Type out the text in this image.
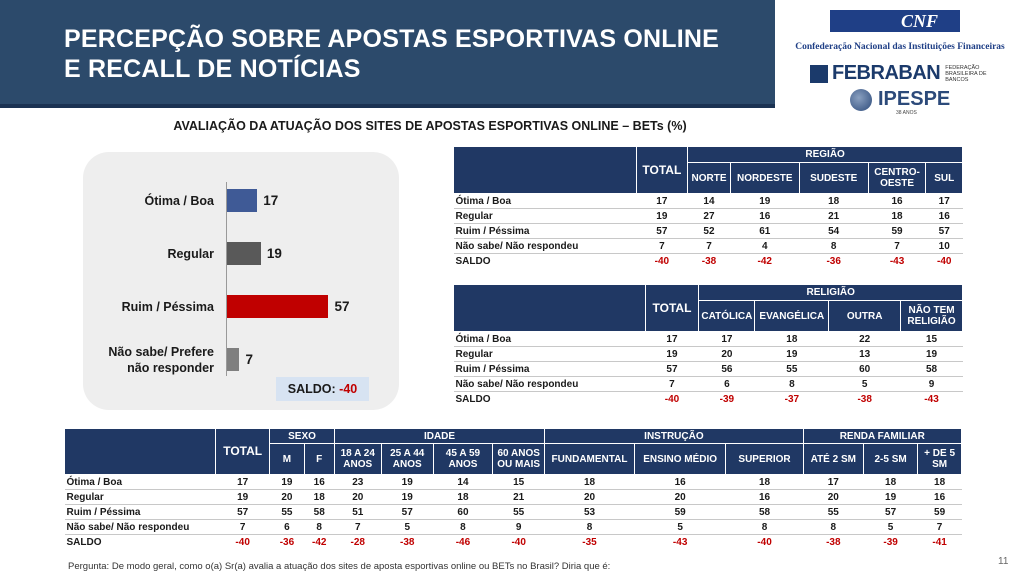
PERCEPÇÃO SOBRE APOSTAS ESPORTIVAS ONLINE
E RECALL DE NOTÍCIAS
CNF
Confederação Nacional das Instituições Financeiras
FEBRABAN FEDERAÇÃO BRASILEIRA DE BANCOS
IPESPE
38 ANOS
AVALIAÇÃO DA ATUAÇÃO DOS SITES DE APOSTAS ESPORTIVAS ONLINE – BETs (%)
Ótima / Boa
Regular
Ruim / Péssima
Não sabe/ Prefere
não responder
17
19
57
7
SALDO: -40
	TOTAL	REGIÃO				
		NORTE	NORDESTE	SUDESTE	CENTRO-
OESTE	SUL
Ótima / Boa	17	14	19	18	16	17
Regular	19	27	16	21	18	16
Ruim / Péssima	57	52	61	54	59	57
Não sabe/ Não respondeu	7	7	4	8	7	10
SALDO	-40	-38	-42	-36	-43	-40
	TOTAL	RELIGIÃO			
		CATÓLICA	EVANGÉLICA	OUTRA	NÃO TEM
RELIGIÃO
Ótima / Boa	17	17	18	22	15
Regular	19	20	19	13	19
Ruim / Péssima	57	56	55	60	58
Não sabe/ Não respondeu	7	6	8	5	9
SALDO	-40	-39	-37	-38	-43
	TOTAL	SEXO		IDADE				INSTRUÇÃO			RENDA FAMILIAR		
		M	F	18 A 24
ANOS	25 A 44
ANOS	45 A 59
ANOS	60 ANOS
OU MAIS	FUNDAMENTAL	ENSINO MÉDIO	SUPERIOR	ATÉ 2 SM	2-5 SM	+ DE 5
SM
Ótima / Boa	17	19	16	23	19	14	15	18	16	18	17	18	18
Regular	19	20	18	20	19	18	21	20	20	16	20	19	16
Ruim / Péssima	57	55	58	51	57	60	55	53	59	58	55	57	59
Não sabe/ Não respondeu	7	6	8	7	5	8	9	8	5	8	8	5	7
SALDO	-40	-36	-42	-28	-38	-46	-40	-35	-43	-40	-38	-39	-41
Pergunta: De modo geral, como o(a) Sr(a) avalia a atuação dos sites de aposta esportivas online ou BETs no Brasil? Diria que é:	11
